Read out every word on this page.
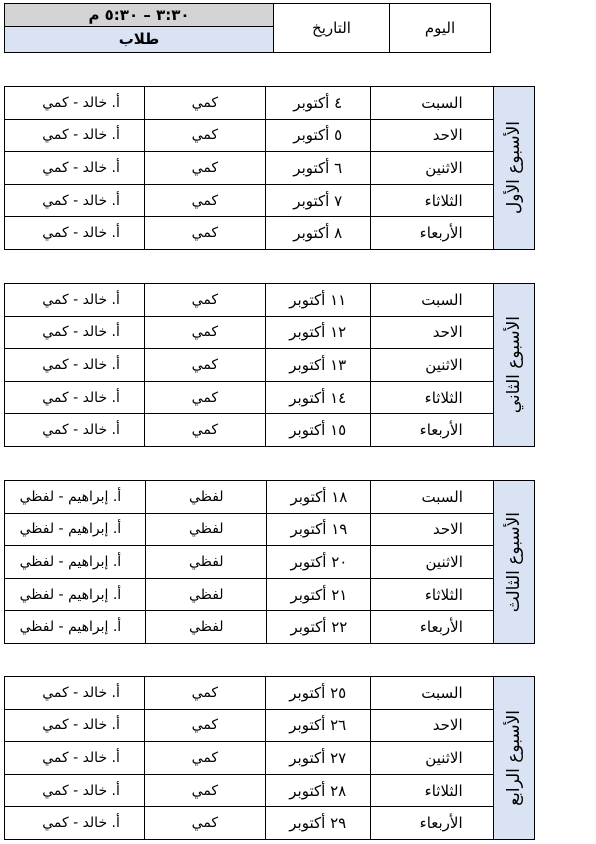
٣:٣٠ – ٥:٣٠ م	التاريخ	اليوم
طلاب
أ. خالد - كمي	كمي	٤ أكتوبر	السبت	الأسبوع الأول

أ. خالد - كمي	كمي	٥ أكتوبر	الاحد	
أ. خالد - كمي	كمي	٦ أكتوبر	الاثنين	
أ. خالد - كمي	كمي	٧ أكتوبر	الثلاثاء	
أ. خالد - كمي	كمي	٨ أكتوبر	الأربعاء	
أ. خالد - كمي	كمي	١١ أكتوبر	السبت	الأسبوع الثاني

أ. خالد - كمي	كمي	١٢ أكتوبر	الاحد	
أ. خالد - كمي	كمي	١٣ أكتوبر	الاثنين	
أ. خالد - كمي	كمي	١٤ أكتوبر	الثلاثاء	
أ. خالد - كمي	كمي	١٥ أكتوبر	الأربعاء	
أ. إبراهيم - لفظي	لفظي	١٨ أكتوبر	السبت	الأسبوع الثالث

أ. إبراهيم - لفظي	لفظي	١٩ أكتوبر	الاحد	
أ. إبراهيم - لفظي	لفظي	٢٠ أكتوبر	الاثنين	
أ. إبراهيم - لفظي	لفظي	٢١ أكتوبر	الثلاثاء	
أ. إبراهيم - لفظي	لفظي	٢٢ أكتوبر	الأربعاء	
أ. خالد - كمي	كمي	٢٥ أكتوبر	السبت	الأسبوع الرابع

أ. خالد - كمي	كمي	٢٦ أكتوبر	الاحد	
أ. خالد - كمي	كمي	٢٧ أكتوبر	الاثنين	
أ. خالد - كمي	كمي	٢٨ أكتوبر	الثلاثاء	
أ. خالد - كمي	كمي	٢٩ أكتوبر	الأربعاء	
